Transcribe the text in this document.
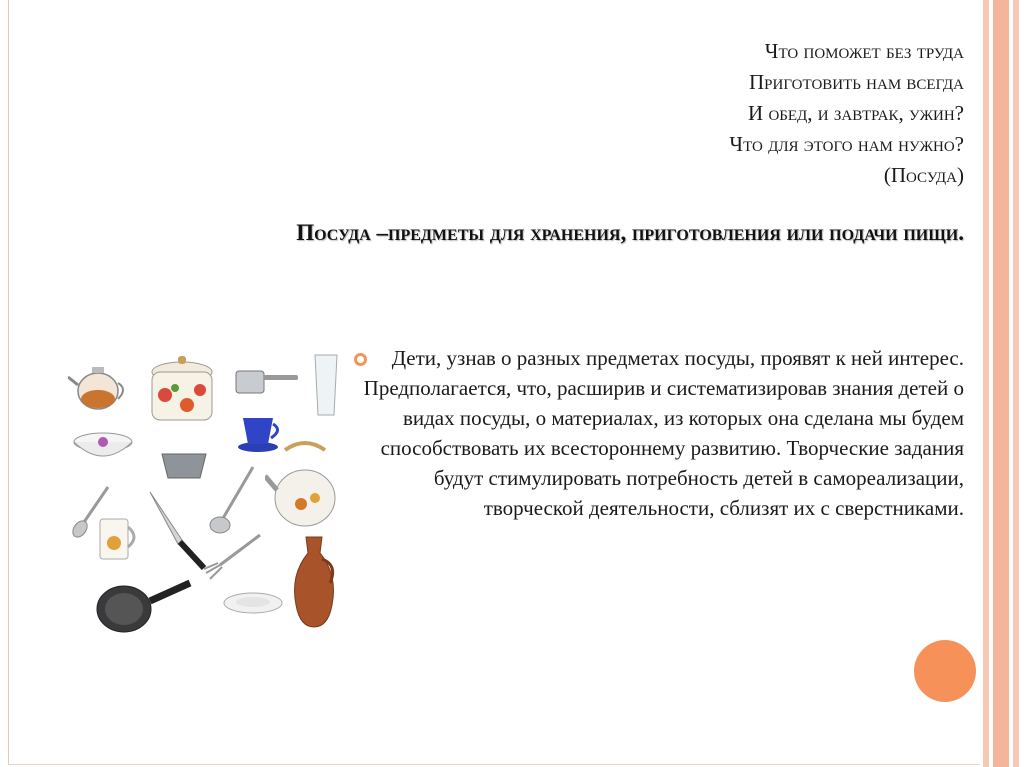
Что поможет без труда
Приготовить нам всегда
И обед, и завтрак, ужин?
Что для этого нам нужно?
(Посуда)
Посуда –предметы для хранения, приготовления или подачи пищи.
Дети, узнав о разных предметах посуды, проявят к ней интерес. Предполагается, что, расширив и систематизировав знания детей о видах посуды, о материалах, из которых она сделана мы будем способствовать их всестороннему развитию. Творческие задания будут стимулировать потребность детей в самореализации, творческой деятельности, сблизят их с сверстниками.
